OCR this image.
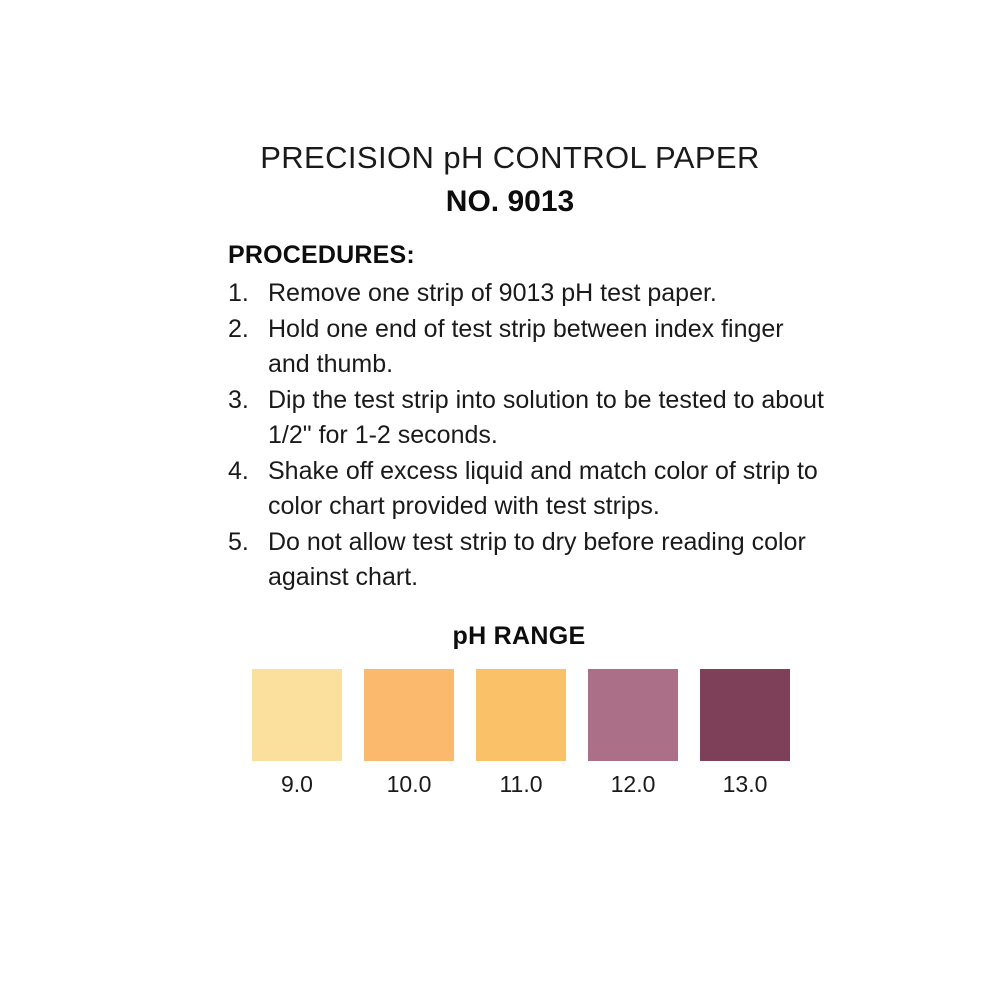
PRECISION pH CONTROL PAPER
NO. 9013
PROCEDURES:
1. Remove one strip of 9013 pH test paper.
2. Hold one end of test strip between index finger and thumb.
3. Dip the test strip into solution to be tested to about 1/2" for 1-2 seconds.
4. Shake off excess liquid and match color of strip to color chart provided with test strips.
5. Do not allow test strip to dry before reading color against chart.
pH RANGE
9.0	10.0	11.0	12.0	13.0
